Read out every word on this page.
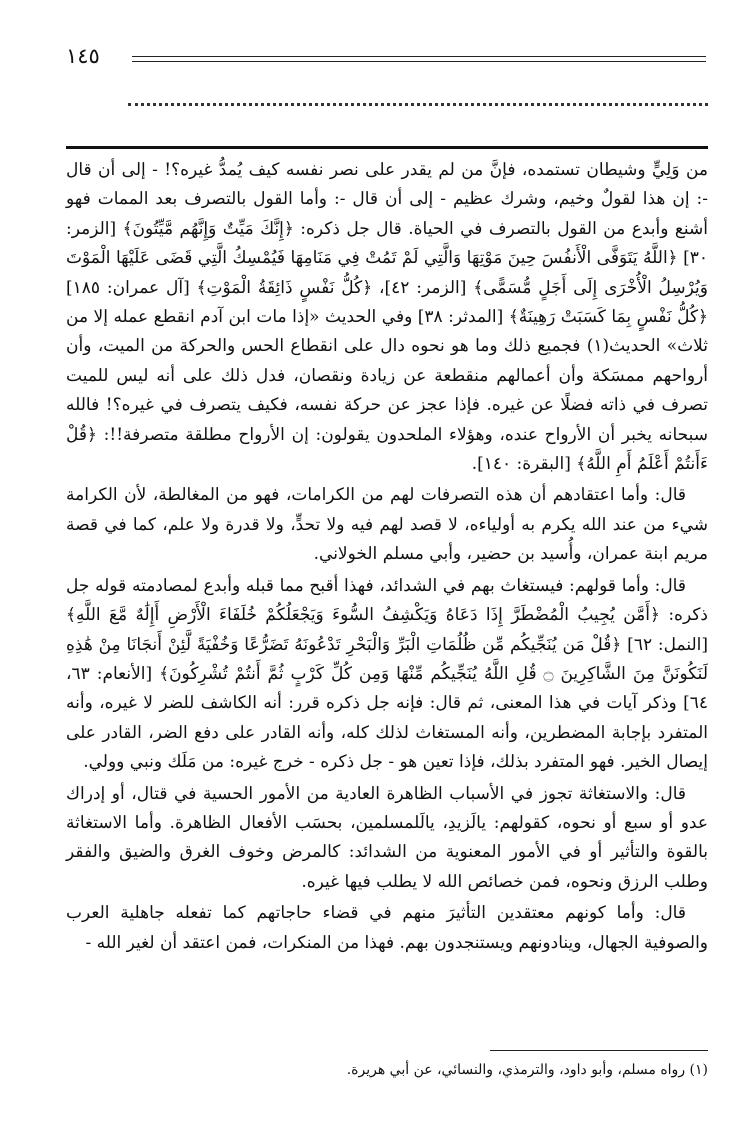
١٤٥

من وَلِيٍّ وشيطان تستمده، فإنَّ من لم يقدر على نصر نفسه كيف يُمدُّ غيره؟! - إلى أن قال -: إن هذا لقولٌ وخيم، وشرك عظيم - إلى أن قال -: وأما القول بالتصرف بعد الممات فهو أشنع وأبدع من القول بالتصرف في الحياة. قال جل ذكره: ﴿إِنَّكَ مَيِّتٌ وَإِنَّهُم مَّيِّتُونَ﴾ [الزمر: ٣٠] ﴿اللَّهُ يَتَوَفَّى الْأَنفُسَ حِينَ مَوْتِهَا وَالَّتِي لَمْ تَمُتْ فِي مَنَامِهَا فَيُمْسِكُ الَّتِي قَضَى عَلَيْهَا الْمَوْتَ وَيُرْسِلُ الْأُخْرَى إِلَى أَجَلٍ مُّسَمًّى﴾ [الزمر: ٤٢]، ﴿كُلُّ نَفْسٍ ذَائِقَةُ الْمَوْتِ﴾ [آل عمران: ١٨٥] ﴿كُلُّ نَفْسٍ بِمَا كَسَبَتْ رَهِينَةٌ﴾ [المدثر: ٣٨] وفي الحديث «إذا مات ابن آدم انقطع عمله إلا من ثلاث» الحديث(١) فجميع ذلك وما هو نحوه دال على انقطاع الحس والحركة من الميت، وأن أرواحهم ممسَكة وأن أعمالهم منقطعة عن زيادة ونقصان، فدل ذلك على أنه ليس للميت تصرف في ذاته فضلًا عن غيره. فإذا عجز عن حركة نفسه، فكيف يتصرف في غيره؟! فالله سبحانه يخبر أن الأرواح عنده، وهؤلاء الملحدون يقولون: إن الأرواح مطلقة متصرفة!!: ﴿قُلْ ءَأَنتُمْ أَعْلَمُ أَمِ اللَّهُ﴾ [البقرة: ١٤٠].

قال: وأما اعتقادهم أن هذه التصرفات لهم من الكرامات، فهو من المغالطة، لأن الكرامة شيء من عند الله يكرم به أولياءه، لا قصد لهم فيه ولا تحدٍّ، ولا قدرة ولا علم، كما في قصة مريم ابنة عمران، وأُسيد بن حضير، وأبي مسلم الخولاني.

قال: وأما قولهم: فيستغاث بهم في الشدائد، فهذا أقبح مما قبله وأبدع لمصادمته قوله جل ذكره: ﴿أَمَّن يُجِيبُ الْمُضْطَرَّ إِذَا دَعَاهُ وَيَكْشِفُ السُّوءَ وَيَجْعَلُكُمْ خُلَفَاءَ الْأَرْضِ أَإِلَٰهٌ مَّعَ اللَّهِ﴾ [النمل: ٦٢] ﴿قُلْ مَن يُنَجِّيكُم مِّن ظُلُمَاتِ الْبَرِّ وَالْبَحْرِ تَدْعُونَهُ تَضَرُّعًا وَخُفْيَةً لَّئِنْ أَنجَانَا مِنْ هَٰذِهِ لَنَكُونَنَّ مِنَ الشَّاكِرِينَ ۝ قُلِ اللَّهُ يُنَجِّيكُم مِّنْهَا وَمِن كُلِّ كَرْبٍ ثُمَّ أَنتُمْ تُشْرِكُونَ﴾ [الأنعام: ٦٣، ٦٤] وذكر آيات في هذا المعنى، ثم قال: فإنه جل ذكره قرر: أنه الكاشف للضر لا غيره، وأنه المتفرد بإجابة المضطرين، وأنه المستغاث لذلك كله، وأنه القادر على دفع الضر، القادر على إيصال الخير. فهو المتفرد بذلك، فإذا تعين هو - جل ذكره - خرج غيره: من مَلَك ونبي وولي.

قال: والاستغاثة تجوز في الأسباب الظاهرة العادية من الأمور الحسية في قتال، أو إدراك عدو أو سبع أو نحوه، كقولهم: يالَزيدِ، يالَلمسلمين، بحسَب الأفعال الظاهرة. وأما الاستغاثة بالقوة والتأثير أو في الأمور المعنوية من الشدائد: كالمرض وخوف الغرق والضيق والفقر وطلب الرزق ونحوه، فمن خصائص الله لا يطلب فيها غيره.

قال: وأما كونهم معتقدين التأثيرَ منهم في قضاء حاجاتهم كما تفعله جاهلية العرب والصوفية الجهال، وينادونهم ويستنجدون بهم. فهذا من المنكرات، فمن اعتقد أن لغير الله -

(١) رواه مسلم، وأبو داود، والترمذي، والنسائي، عن أبي هريرة.
